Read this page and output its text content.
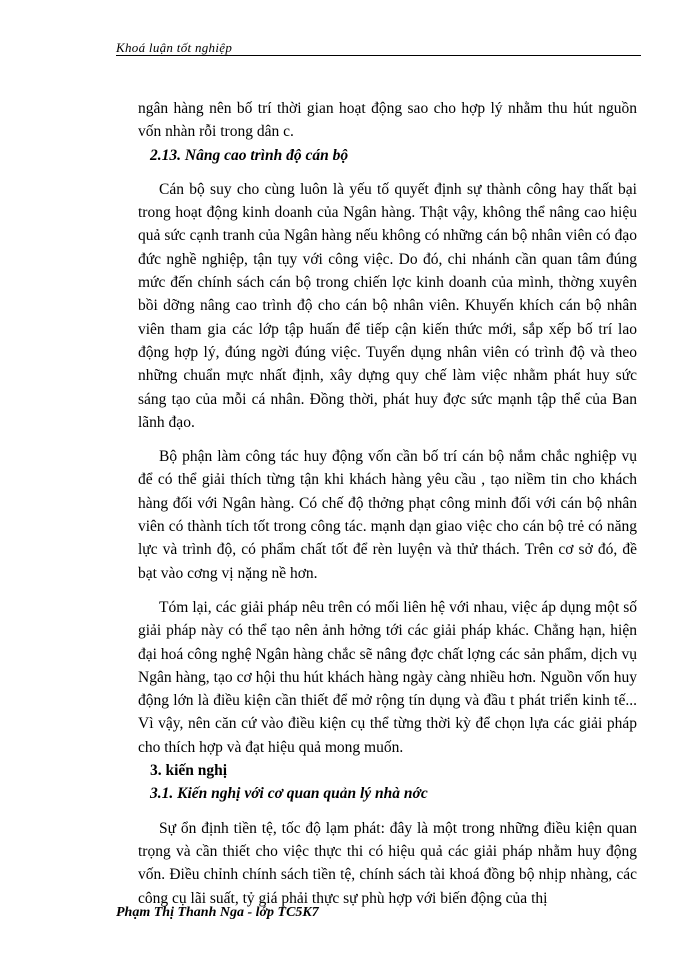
Khoá luận tốt nghiệp

ngân hàng nên bố trí thời gian hoạt động sao cho hợp lý nhằm thu hút nguồn vốn nhàn rỗi trong dân c.

2.13. Nâng cao trình độ cán bộ

Cán bộ suy cho cùng luôn là yếu tố quyết định sự thành công hay thất bại trong hoạt động kinh doanh của Ngân hàng. Thật vậy, không thể nâng cao hiệu quả sức cạnh tranh của Ngân hàng nếu không có những cán bộ nhân viên có đạo đức nghề nghiệp, tận tụy với công việc. Do đó, chi nhánh cần quan tâm đúng mức đến chính sách cán bộ trong chiến lợc kinh doanh của mình, thờng xuyên bồi dỡng nâng cao trình độ cho cán bộ nhân viên. Khuyến khích cán bộ nhân viên tham gia các lớp tập huấn để tiếp cận kiến thức mới, sắp xếp bố trí lao động hợp lý, đúng ngời đúng việc. Tuyển dụng nhân viên có trình độ và theo những chuẩn mực nhất định, xây dựng quy chế làm việc nhằm phát huy sức sáng tạo của mỗi cá nhân. Đồng thời, phát huy đợc sức mạnh tập thể của Ban lãnh đạo.

Bộ phận làm công tác huy động vốn cần bố trí cán bộ nắm chắc nghiệp vụ để có thể giải thích từng tận khi khách hàng yêu cầu , tạo niềm tin cho khách hàng đối với Ngân hàng. Có chế độ thởng phạt công minh đối với cán bộ nhân viên có thành tích tốt trong công tác. mạnh dạn giao việc cho cán bộ trẻ có năng lực và trình độ, có phẩm chất tốt để rèn luyện và thử thách. Trên cơ sở đó, đề bạt vào cơng vị nặng nề hơn.

Tóm lại, các giải pháp nêu trên có mối liên hệ với nhau, việc áp dụng một số giải pháp này có thể tạo nên ảnh hởng tới các giải pháp khác. Chẳng hạn, hiện đại hoá công nghệ Ngân hàng chắc sẽ nâng đợc chất lợng các sản phẩm, dịch vụ Ngân hàng, tạo cơ hội thu hút khách hàng ngày càng nhiều hơn. Nguồn vốn huy động lớn là điều kiện cần thiết để mở rộng tín dụng và đầu t phát triển kinh tế... Vì vậy, nên căn cứ vào điều kiện cụ thể từng thời kỳ để chọn lựa các giải pháp cho thích hợp và đạt hiệu quả mong muốn.

3. kiến nghị

3.1. Kiến nghị với cơ quan quản lý nhà nớc

Sự ổn định tiền tệ, tốc độ lạm phát: đây là một trong những điều kiện quan trọng và cần thiết cho việc thực thi có hiệu quả các giải pháp nhằm huy động vốn. Điều chỉnh chính sách tiền tệ, chính sách tài khoá đồng bộ nhịp nhàng, các công cụ lãi suất, tỷ giá phải thực sự phù hợp với biến động của thị

Phạm Thị Thanh Nga - lớp TC5K7
